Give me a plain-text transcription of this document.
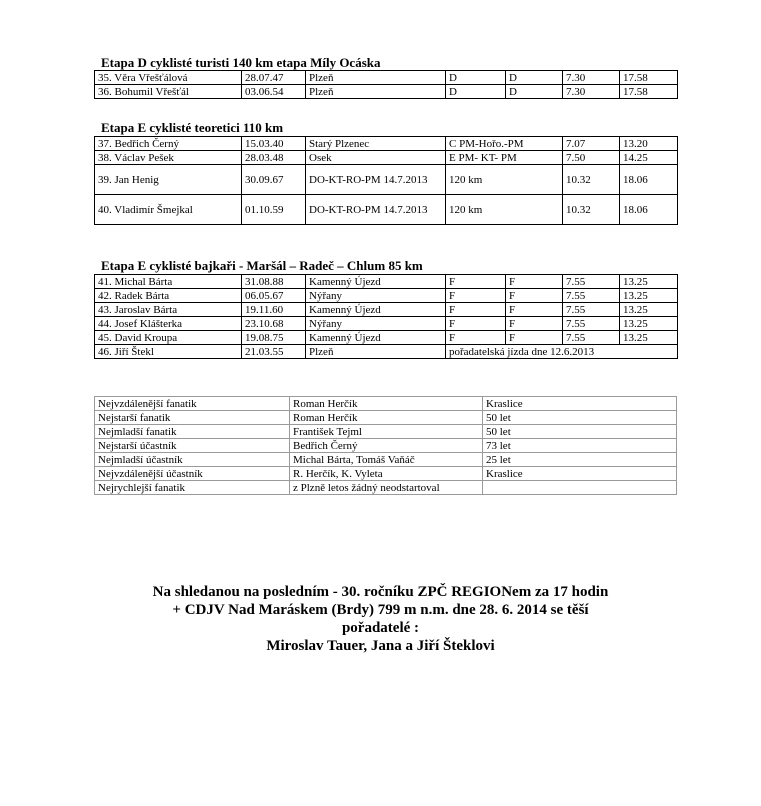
Etapa D cyklisté turisti 140 km etapa Míly Ocáska
35. Věra Vřešťálová	28.07.47	Plzeň	D	D	7.30	17.58
36. Bohumil Vřešťál	03.06.54	Plzeň	D	D	7.30	17.58
Etapa E cyklisté teoretici 110 km
37. Bedřich Černý	15.03.40	Starý Plzenec	C PM-Hořo.-PM	7.07	13.20
38. Václav Pešek	28.03.48	Osek	E PM- KT- PM	7.50	14.25
39. Jan Henig	30.09.67	DO-KT-RO-PM 14.7.2013	120 km	10.32	18.06
40. Vladimír Šmejkal	01.10.59	DO-KT-RO-PM 14.7.2013	120 km	10.32	18.06
Etapa E cyklisté bajkaři - Maršál – Radeč – Chlum 85 km
41. Michal Bárta	31.08.88	Kamenný Újezd	F	F	7.55	13.25
42. Radek Bárta	06.05.67	Nýřany	F	F	7.55	13.25
43. Jaroslav Bárta	19.11.60	Kamenný Újezd	F	F	7.55	13.25
44. Josef Klášterka	23.10.68	Nýřany	F	F	7.55	13.25
45. David Kroupa	19.08.75	Kamenný Újezd	F	F	7.55	13.25
46. Jiří Štekl	21.03.55	Plzeň	pořadatelská jízda dne 12.6.2013			
Nejvzdálenější fanatik	Roman Herčík	Kraslice
Nejstarší fanatik	Roman Herčík	50 let
Nejmladší fanatik	František Tejml	50 let
Nejstarší účastník	Bedřich Černý	73 let
Nejmladší účastník	Michal Bárta, Tomáš Vaňáč	25 let
Nejvzdálenější účastník	R. Herčík, K. Vyleta	Kraslice
Nejrychlejší fanatik	z Plzně letos žádný neodstartoval	
Na shledanou na posledním - 30. ročníku ZPČ REGIONem za 17 hodin
+ CDJV Nad Maráskem (Brdy) 799 m n.m. dne 28. 6. 2014 se těší
pořadatelé :
Miroslav Tauer, Jana a Jiří Šteklovi
